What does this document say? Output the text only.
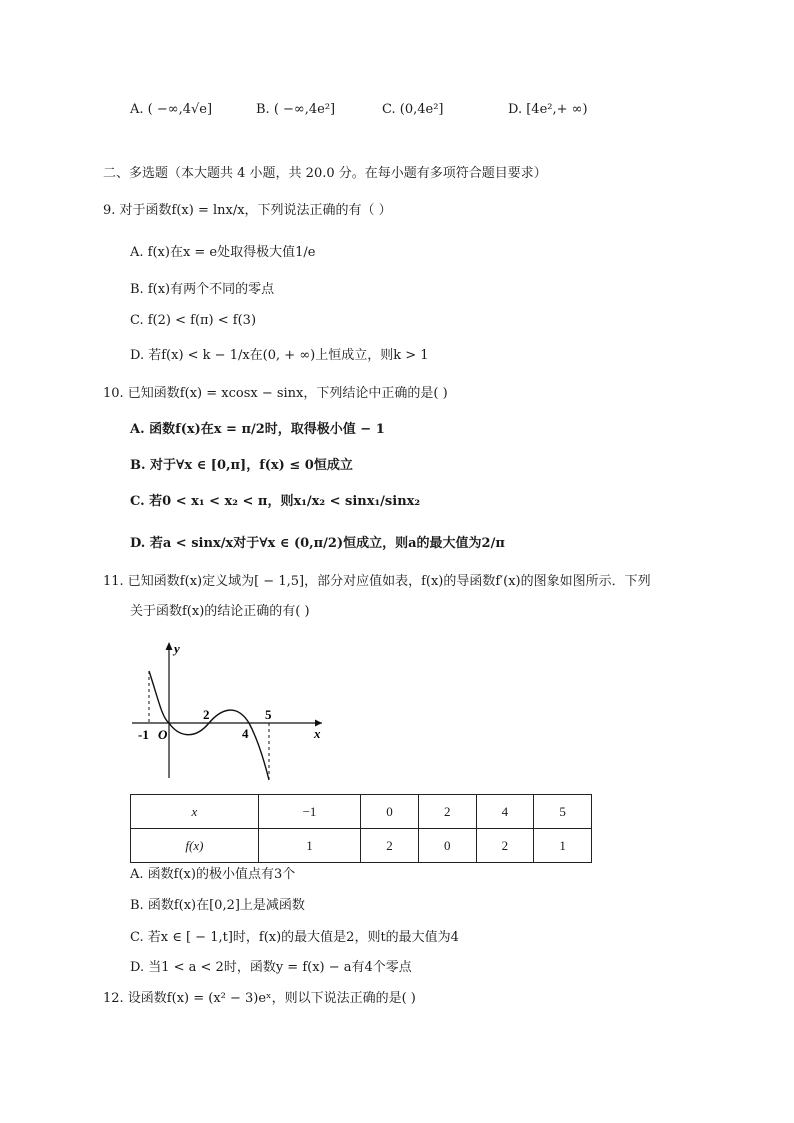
A. ( −∞,4√e]	B. ( −∞,4e²]	C. (0,4e²]	D. [4e²,+ ∞)
二、多选题（本大题共 4 小题，共 20.0 分。在每小题有多项符合题目要求）
9. 对于函数f(x) = lnx/x，下列说法正确的有（ ）
A. f(x)在x = e处取得极大值1/e
B. f(x)有两个不同的零点
C. f(2) < f(π) < f(3)
D. 若f(x) < k − 1/x在(0, + ∞)上恒成立，则k > 1
10. 已知函数f(x) = xcosx − sinx，下列结论中正确的是( )
A. 函数f(x)在x = π/2时，取得极小值 − 1
B. 对于∀x ∈ [0,π]，f(x) ≤ 0恒成立
C. 若0 < x₁ < x₂ < π，则x₁/x₂ < sinx₁/sinx₂
D. 若a < sinx/x对于∀x ∈ (0,π/2)恒成立，则a的最大值为2/π
11. 已知函数f(x)定义域为[ − 1,5]，部分对应值如表，f(x)的导函数f′(x)的图象如图所示．下列
关于函数f(x)的结论正确的有( )
y
x
O
-1
2
4
5
x	−1	0	2	4	5
f(x)	1	2	0	2	1
A. 函数f(x)的极小值点有3个
B. 函数f(x)在[0,2]上是减函数
C. 若x ∈ [ − 1,t]时，f(x)的最大值是2，则t的最大值为4
D. 当1 < a < 2时，函数y = f(x) − a有4个零点
12. 设函数f(x) = (x² − 3)eˣ，则以下说法正确的是( )
